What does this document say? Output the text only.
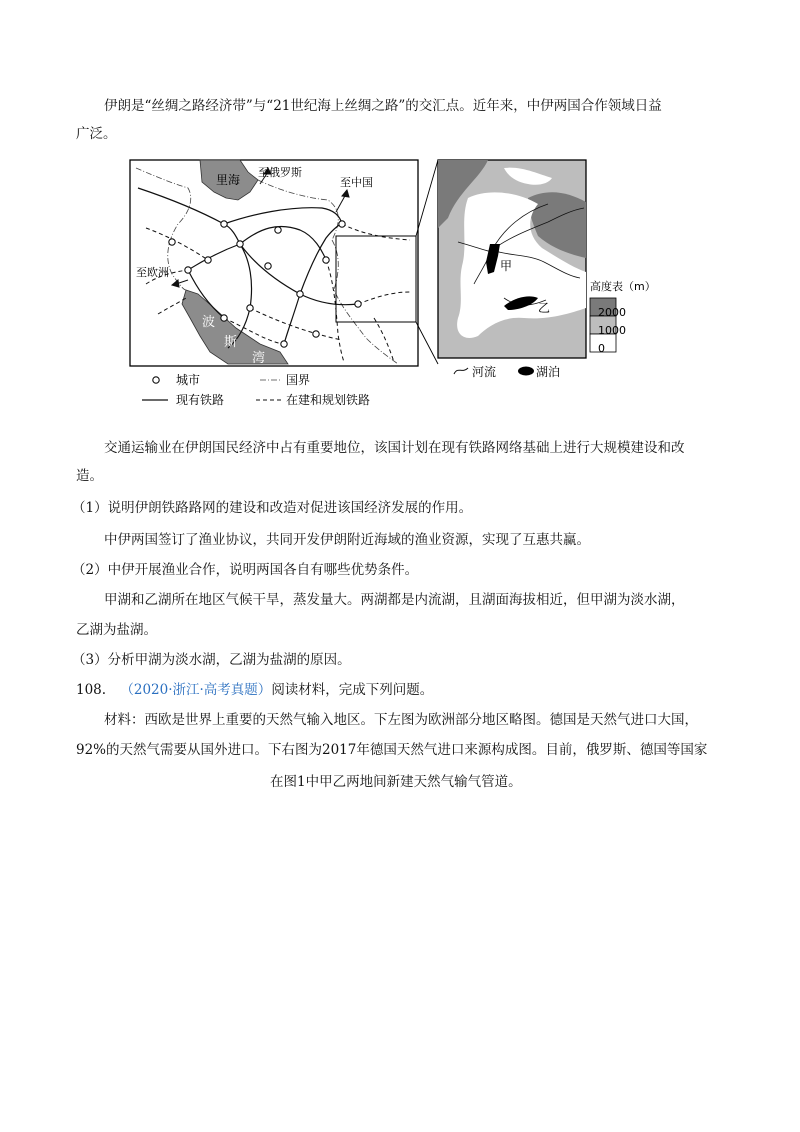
伊朗是“丝绸之路经济带”与“21世纪海上丝绸之路”的交汇点。近年来，中伊两国合作领域日益
广泛。
里海
至俄罗斯
至中国
至欧洲
波
斯
湾
甲
乙
高度表（m）
城市	国界
现有铁路	在建和规划铁路
河流	湖泊
2000
1000
0
交通运输业在伊朗国民经济中占有重要地位，该国计划在现有铁路网络基础上进行大规模建设和改
造。
（1）说明伊朗铁路路网的建设和改造对促进该国经济发展的作用。
中伊两国签订了渔业协议，共同开发伊朗附近海域的渔业资源，实现了互惠共赢。
（2）中伊开展渔业合作，说明两国各自有哪些优势条件。
甲湖和乙湖所在地区气候干旱，蒸发量大。两湖都是内流湖，且湖面海拔相近，但甲湖为淡水湖，
乙湖为盐湖。
（3）分析甲湖为淡水湖，乙湖为盐湖的原因。
108. （2020·浙江·高考真题）阅读材料，完成下列问题。
材料：西欧是世界上重要的天然气输入地区。下左图为欧洲部分地区略图。德国是天然气进口大国，
92%的天然气需要从国外进口。下右图为2017年德国天然气进口来源构成图。目前，俄罗斯、德国等国家
在图1中甲乙两地间新建天然气输气管道。
